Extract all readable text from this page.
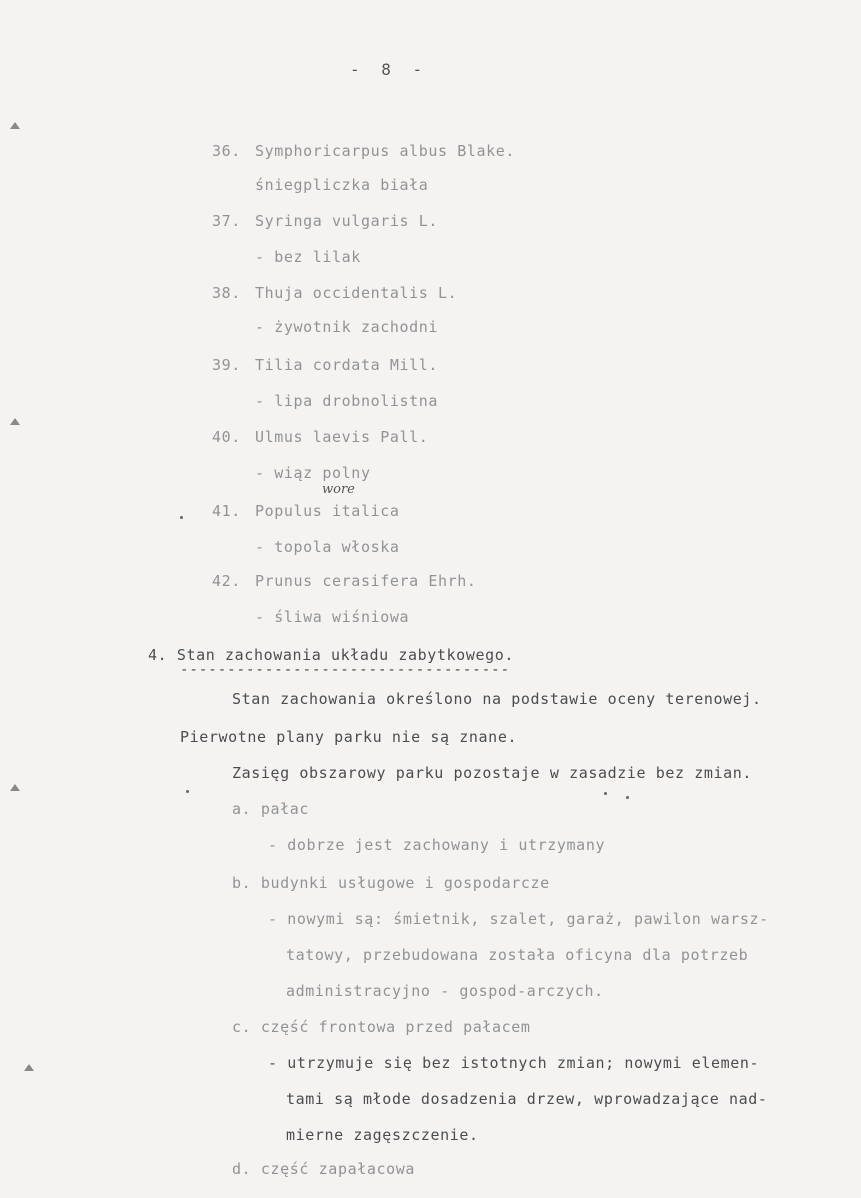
- 8 -
36. Symphoricarpus albus Blake.
śniegpliczka biała
37. Syringa vulgaris L.
- bez lilak
38. Thuja occidentalis L.
- żywotnik zachodni
39. Tilia cordata Mill.
- lipa drobnolistna
40. Ulmus laevis Pall.
- wiąz polny
wore
41. Populus italica
- topola włoska
42. Prunus cerasifera Ehrh.
- śliwa wiśniowa
4. Stan zachowania układu zabytkowego.
-----------------------------------
Stan zachowania określono na podstawie oceny terenowej.
Pierwotne plany parku nie są znane.
Zasięg obszarowy parku pozostaje w zasadzie bez zmian.
a. pałac
- dobrze jest zachowany i utrzymany
b. budynki usługowe i gospodarcze
- nowymi są: śmietnik, szalet, garaż, pawilon warsz-
tatowy, przebudowana została oficyna dla potrzeb
administracyjno - gospod-arczych.
c. część frontowa przed pałacem
- utrzymuje się bez istotnych zmian; nowymi elemen-
tami są młode dosadzenia drzew, wprowadzające nad-
mierne zagęszczenie.
d. część zapałacowa
